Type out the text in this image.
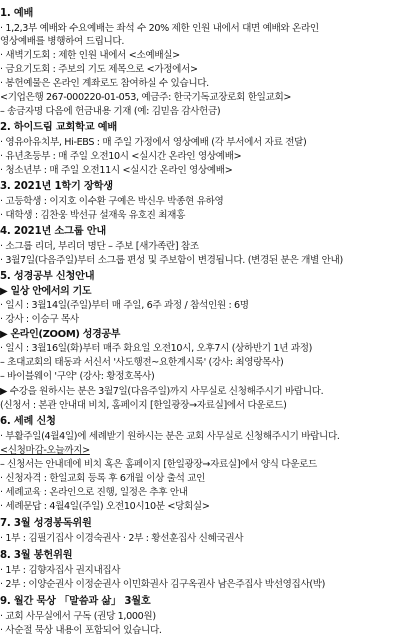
1. 예배
· 1,2,3부 예배와 수요예배는 좌석 수 20% 제한 인원 내에서 대면 예배와 온라인
영상예배를 병행하여 드립니다.
· 새벽기도회 : 제한 인원 내에서 <소예배실>
· 금요기도회 : 주보의 기도 제목으로 <가정에서>
· 봉헌예물은 온라인 계좌로도 참여하실 수 있습니다.
<기업은행 267-000220-01-053, 예금주: 한국기독교장로회 한일교회>
– 송금자명 다음에 헌금내용 기재 (예: 김믿음 감사헌금)
2. 하이드림 교회학교 예배
· 영유아유치부, Hi-EBS : 매 주일 가정에서 영상예배 (각 부서에서 자료 전달)
· 유년초등부 : 매 주일 오전10시 <실시간 온라인 영상예배>
· 청소년부 : 매 주일 오전11시 <실시간 온라인 영상예배>
3. 2021년 1학기 장학생
· 고등학생 : 이지호 이수환 구예은 박신우 박종현 유하영
· 대학생 : 김찬웅 박선규 설재욱 유호진 최재홍
4. 2021년 소그룹 안내
· 소그룹 리더, 부리더 명단 – 주보 [새가족란] 참조
· 3월7일(다음주일)부터 소그룹 편성 및 주보함이 변경됩니다. (변경된 분은 개별 안내)
5. 성경공부 신청안내
▶ 일상 안에서의 기도
· 일시 : 3월14일(주일)부터 매 주일, 6주 과정 / 참석인원 : 6명
· 강사 : 이승구 목사
▶ 온라인(ZOOM) 성경공부
· 일시 : 3월16일(화)부터 매주 화요일 오전10시, 오후7시 (상하반기 1년 과정)
– 초대교회의 태동과 서신서 '사도행전~요한계시록' (강사: 최영랑목사)
– 바이블웨이 '구약' (강사: 황정호목사)
▶ 수강을 원하시는 분은 3월7일(다음주일)까지 사무실로 신청해주시기 바랍니다.
(신청서 : 본관 안내대 비치, 홈페이지 [한일광장→자료실]에서 다운로드)
6. 세례 신청
· 부활주일(4월4일)에 세례받기 원하시는 분은 교회 사무실로 신청해주시기 바랍니다.
<신청마감-오늘까지>
– 신청서는 안내데에 비치 혹은 홈페이지 [한일광장→자료실]에서 양식 다운로드
· 신청자격 : 한일교회 등록 후 6개월 이상 출석 교인
· 세례교육 : 온라인으로 진행, 일정은 추후 안내
· 세례문답 : 4월4일(주일) 오전10시10분 <당회실>
7. 3월 성경봉독위원
· 1부 : 김필기집사 이경숙권사 · 2부 : 황선훈집사 신혜국권사
8. 3월 봉헌위원
· 1부 : 김향자집사 권지내집사
· 2부 : 이양순권사 이정순권사 이민화권사 김구옥권사 남은주집사 박선영집사(박)
9. 월간 묵상 「말씀과 삶」 3월호
· 교회 사무실에서 구독 (권당 1,000원)
· 사순절 묵상 내용이 포함되어 있습니다.
